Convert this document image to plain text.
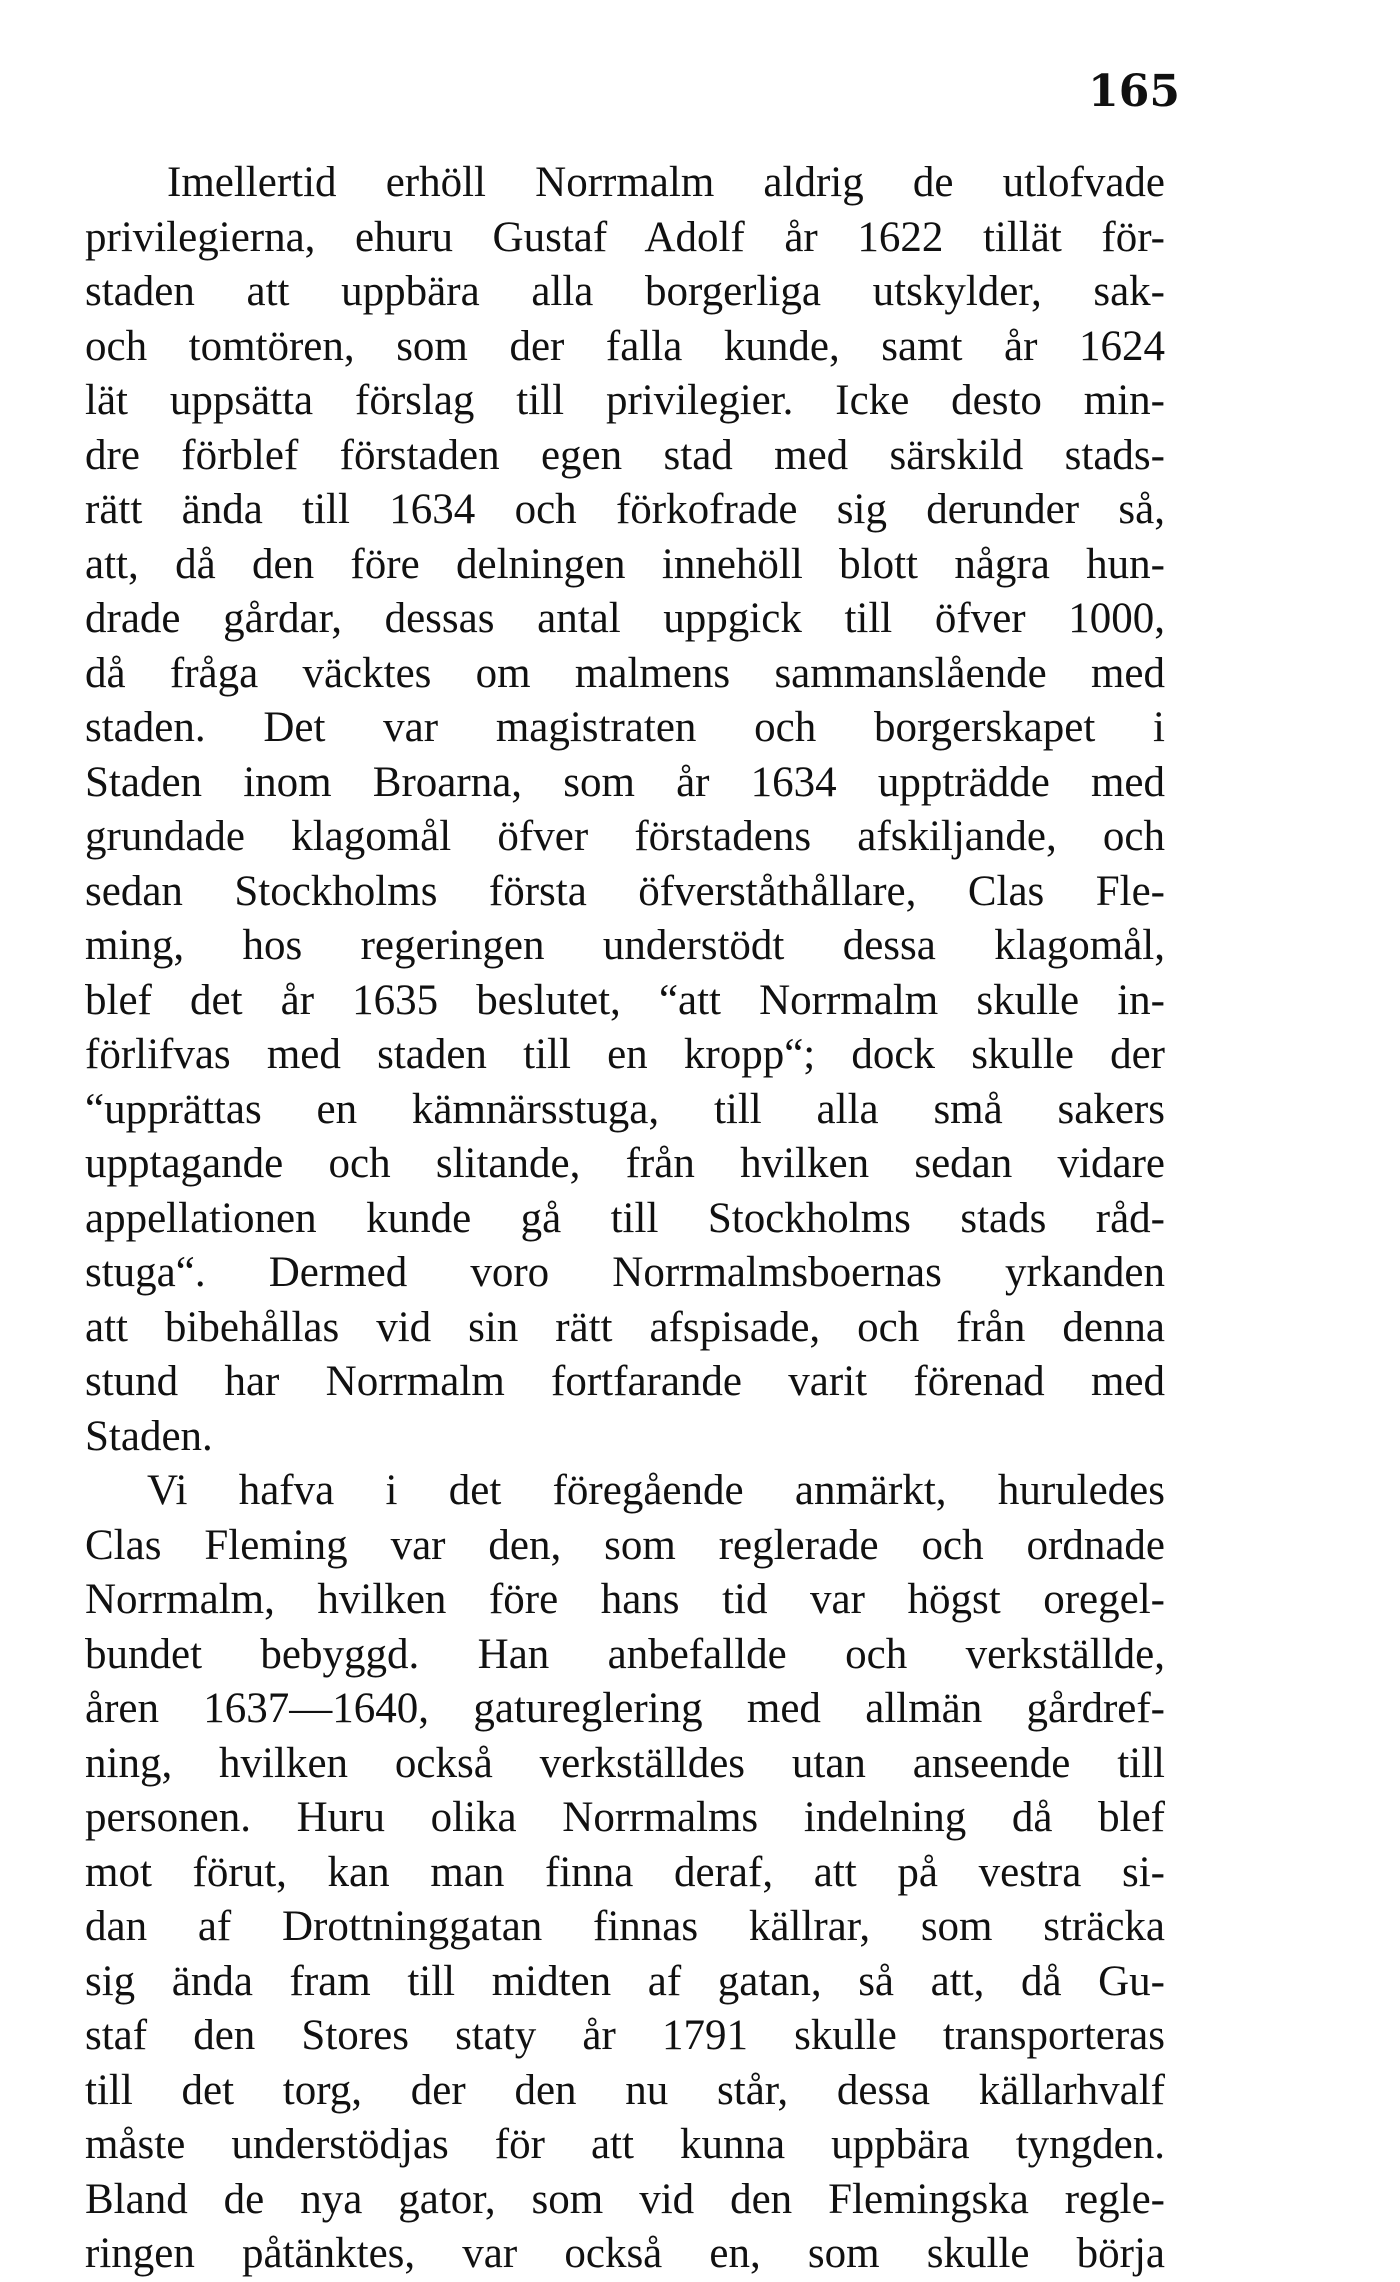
165
Imellertid erhöll Norrmalm aldrig de utlofvade
privilegierna, ehuru Gustaf Adolf år 1622 tillät för-
staden att uppbära alla borgerliga utskylder, sak-
och tomtören, som der falla kunde, samt år 1624
lät uppsätta förslag till privilegier. Icke desto min-
dre förblef förstaden egen stad med särskild stads-
rätt ända till 1634 och förkofrade sig derunder så,
att, då den före delningen innehöll blott några hun-
drade gårdar, dessas antal uppgick till öfver 1000,
då fråga väcktes om malmens sammanslående med
staden. Det var magistraten och borgerskapet i
Staden inom Broarna, som år 1634 uppträdde med
grundade klagomål öfver förstadens afskiljande, och
sedan Stockholms första öfverståthållare, Clas Fle-
ming, hos regeringen understödt dessa klagomål,
blef det år 1635 beslutet, “att Norrmalm skulle in-
förlifvas med staden till en kropp“; dock skulle der
“upprättas en kämnärsstuga, till alla små sakers
upptagande och slitande, från hvilken sedan vidare
appellationen kunde gå till Stockholms stads råd-
stuga“. Dermed voro Norrmalmsboernas yrkanden
att bibehållas vid sin rätt afspisade, och från denna
stund har Norrmalm fortfarande varit förenad med
Staden.
Vi hafva i det föregående anmärkt, huruledes
Clas Fleming var den, som reglerade och ordnade
Norrmalm, hvilken före hans tid var högst oregel-
bundet bebyggd. Han anbefallde och verkställde,
åren 1637—1640, gatureglering med allmän gårdref-
ning, hvilken också verkställdes utan anseende till
personen. Huru olika Norrmalms indelning då blef
mot förut, kan man finna deraf, att på vestra si-
dan af Drottninggatan finnas källrar, som sträcka
sig ända fram till midten af gatan, så att, då Gu-
staf den Stores staty år 1791 skulle transporteras
till det torg, der den nu står, dessa källarhvalf
måste understödjas för att kunna uppbära tyngden.
Bland de nya gator, som vid den Flemingska regle-
ringen påtänktes, var också en, som skulle börja
